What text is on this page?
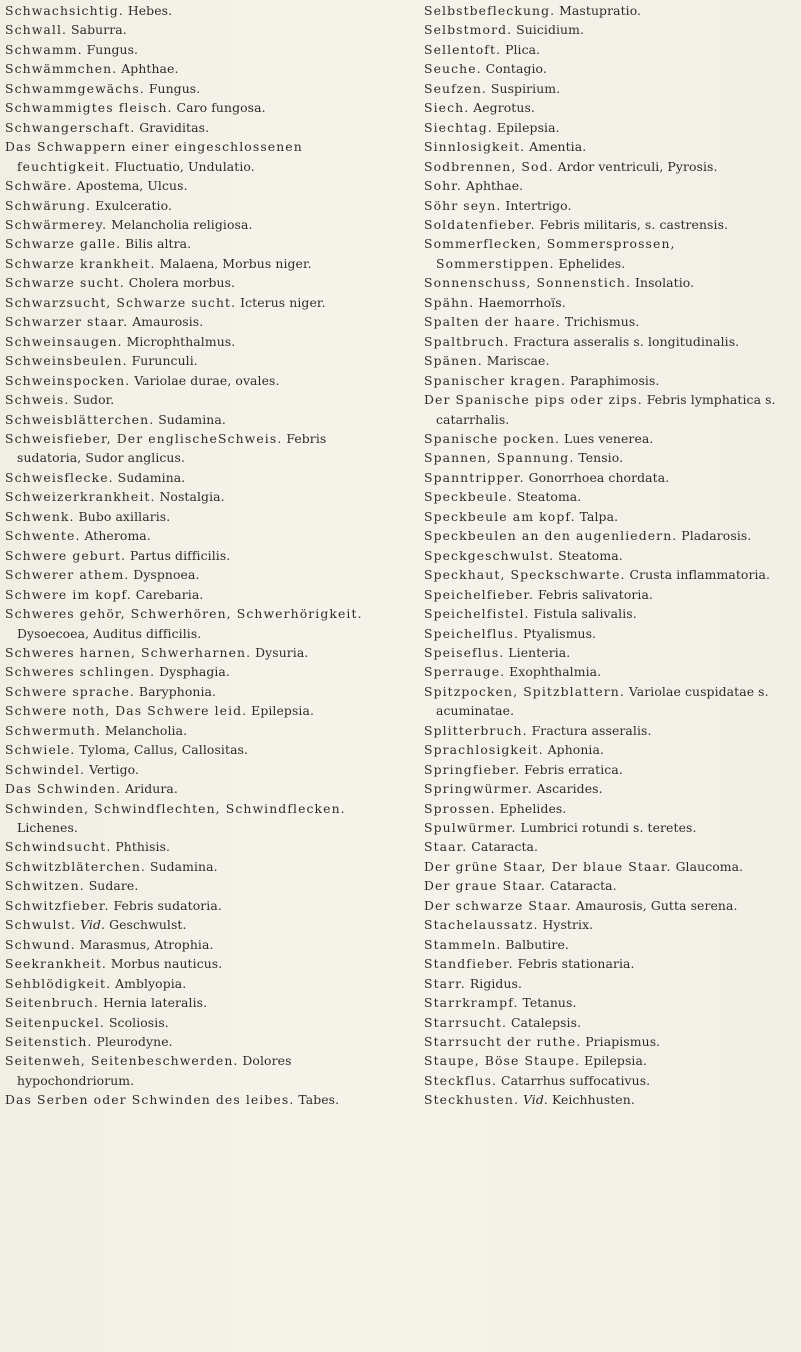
Schwachsichtig. Hebes.

Schwall. Saburra.

Schwamm. Fungus.

Schwämmchen. Aphthae.

Schwammgewächs. Fungus.

Schwammigtes fleisch. Caro fungosa.

Schwangerschaft. Graviditas.

Das Schwappern einer eingeschlossenen feuchtigkeit. Fluctuatio, Undulatio.

Schwäre. Apostema, Ulcus.

Schwärung. Exulceratio.

Schwärmerey. Melancholia religiosa.

Schwarze galle. Bilis altra.

Schwarze krankheit. Malaena, Morbus niger.

Schwarze sucht. Cholera morbus.

Schwarzsucht, Schwarze sucht. Icterus niger.

Schwarzer staar. Amaurosis.

Schweinsaugen. Microphthalmus.

Schweinsbeulen. Furunculi.

Schweinspocken. Variolae durae, ovales.

Schweis. Sudor.

Schweisblätterchen. Sudamina.

Schweisfieber, Der englischeSchweis. Febris sudatoria, Sudor anglicus.

Schweisflecke. Sudamina.

Schweizerkrankheit. Nostalgia.

Schwenk. Bubo axillaris.

Schwente. Atheroma.

Schwere geburt. Partus difficilis.

Schwerer athem. Dyspnoea.

Schwere im kopf. Carebaria.

Schweres gehör, Schwerhören, Schwerhörigkeit. Dysoecoea, Auditus difficilis.

Schweres harnen, Schwerharnen. Dysuria.

Schweres schlingen. Dysphagia.

Schwere sprache. Baryphonia.

Schwere noth, Das Schwere leid. Epilepsia.

Schwermuth. Melancholia.

Schwiele. Tyloma, Callus, Callositas.

Schwindel. Vertigo.

Das Schwinden. Aridura.

Schwinden, Schwindflechten, Schwindflecken. Lichenes.

Schwindsucht. Phthisis.

Schwitzbläterchen. Sudamina.

Schwitzen. Sudare.

Schwitzfieber. Febris sudatoria.

Schwulst. Vid. Geschwulst.

Schwund. Marasmus, Atrophia.

Seekrankheit. Morbus nauticus.

Sehblödigkeit. Amblyopia.

Seitenbruch. Hernia lateralis.

Seitenpuckel. Scoliosis.

Seitenstich. Pleurodyne.

Seitenweh, Seitenbeschwerden. Dolores hypochondriorum.

Das Serben oder Schwinden des leibes. Tabes.

Selbstbefleckung. Mastupratio.

Selbstmord. Suicidium.

Sellentoft. Plica.

Seuche. Contagio.

Seufzen. Suspirium.

Siech. Aegrotus.

Siechtag. Epilepsia.

Sinnlosigkeit. Amentia.

Sodbrennen, Sod. Ardor ventriculi, Pyrosis.

Sohr. Aphthae.

Söhr seyn. Intertrigo.

Soldatenfieber. Febris militaris, s. castrensis.

Sommerflecken, Sommersprossen, Sommerstippen. Ephelides.

Sonnenschuss, Sonnenstich. Insolatio.

Spähn. Haemorrhoïs.

Spalten der haare. Trichismus.

Spaltbruch. Fractura asseralis s. longitudinalis.

Spänen. Mariscae.

Spanischer kragen. Paraphimosis.

Der Spanische pips oder zips. Febris lymphatica s. catarrhalis.

Spanische pocken. Lues venerea.

Spannen, Spannung. Tensio.

Spanntripper. Gonorrhoea chordata.

Speckbeule. Steatoma.

Speckbeule am kopf. Talpa.

Speckbeulen an den augenliedern. Pladarosis.

Speckgeschwulst. Steatoma.

Speckhaut, Speckschwarte. Crusta inflammatoria.

Speichelfieber. Febris salivatoria.

Speichelfistel. Fistula salivalis.

Speichelflus. Ptyalismus.

Speiseflus. Lienteria.

Sperrauge. Exophthalmia.

Spitzpocken, Spitzblattern. Variolae cuspidatae s. acuminatae.

Splitterbruch. Fractura asseralis.

Sprachlosigkeit. Aphonia.

Springfieber. Febris erratica.

Springwürmer. Ascarides.

Sprossen. Ephelides.

Spulwürmer. Lumbrici rotundi s. teretes.

Staar. Cataracta.

Der grüne Staar, Der blaue Staar. Glaucoma.

Der graue Staar. Cataracta.

Der schwarze Staar. Amaurosis, Gutta serena.

Stachelaussatz. Hystrix.

Stammeln. Balbutire.

Standfieber. Febris stationaria.

Starr. Rigidus.

Starrkrampf. Tetanus.

Starrsucht. Catalepsis.

Starrsucht der ruthe. Priapismus.

Staupe, Böse Staupe. Epilepsia.

Steckflus. Catarrhus suffocativus.

Steckhusten. Vid. Keichhusten.
